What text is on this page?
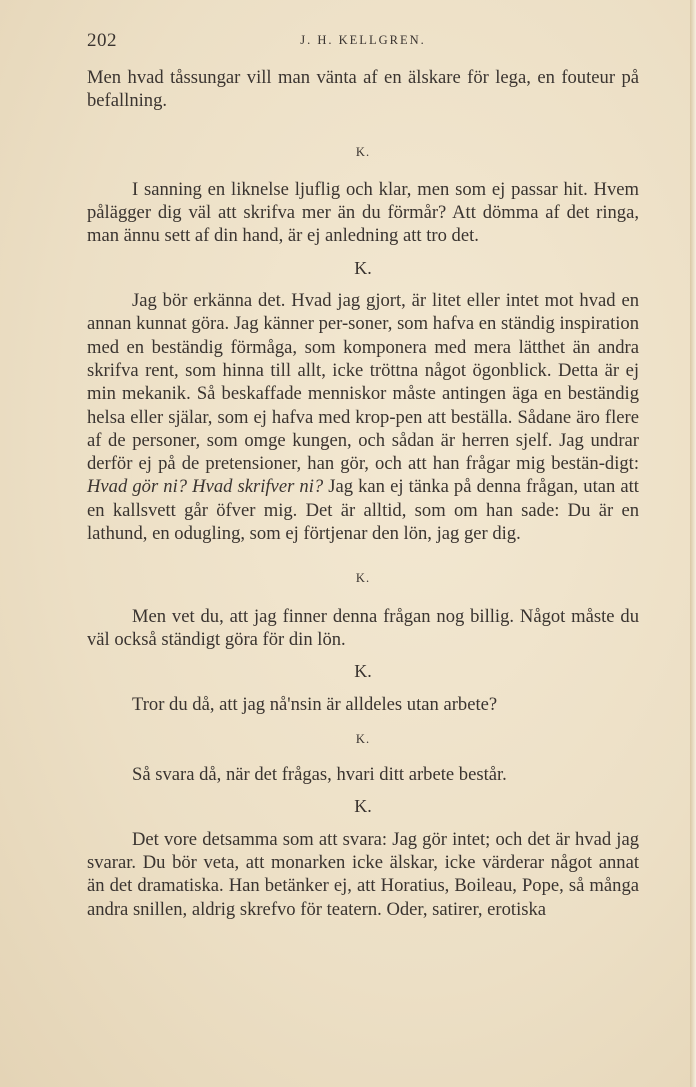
202	J. H. KELLGREN.

Men hvad tåssungar vill man vänta af en älskare för lega, en fouteur på befallning.

K.

I sanning en liknelse ljuflig och klar, men som ej passar hit. Hvem pålägger dig väl att skrifva mer än du förmår? Att dömma af det ringa, man ännu sett af din hand, är ej anledning att tro det.

K.

Jag bör erkänna det. Hvad jag gjort, är litet eller intet mot hvad en annan kunnat göra. Jag känner per-soner, som hafva en ständig inspiration med en beständig förmåga, som komponera med mera lätthet än andra skrifva rent, som hinna till allt, icke tröttna något ögonblick. Detta är ej min mekanik. Så beskaffade menniskor måste antingen äga en beständig helsa eller själar, som ej hafva med krop-pen att beställa. Sådane äro flere af de personer, som omge kungen, och sådan är herren sjelf. Jag undrar derför ej på de pretensioner, han gör, och att han frågar mig bestän-digt: Hvad gör ni? Hvad skrifver ni? Jag kan ej tänka på denna frågan, utan att en kallsvett går öfver mig. Det är alltid, som om han sade: Du är en lathund, en odugling, som ej förtjenar den lön, jag ger dig.

K.

Men vet du, att jag finner denna frågan nog billig. Något måste du väl också ständigt göra för din lön.

K.

Tror du då, att jag nå'nsin är alldeles utan arbete?

K.

Så svara då, när det frågas, hvari ditt arbete består.

K.

Det vore detsamma som att svara: Jag gör intet; och det är hvad jag svarar. Du bör veta, att monarken icke älskar, icke värderar något annat än det dramatiska. Han betänker ej, att Horatius, Boileau, Pope, så många andra snillen, aldrig skrefvo för teatern. Oder, satirer, erotiska
